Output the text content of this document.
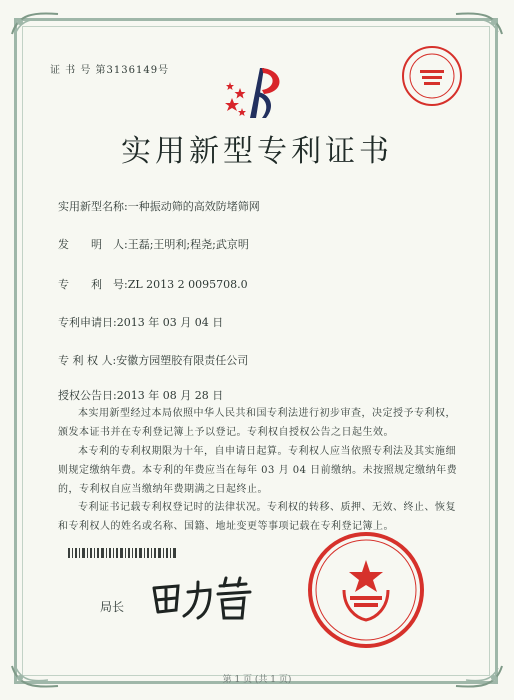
证 书 号 第3136149号
实用新型专利证书
实用新型名称:一种振动筛的高效防堵筛网
发　　明　人:王磊;王明利;程尧;武京明
专　　利　号:ZL 2013 2 0095708.0
专利申请日:2013 年 03 月 04 日
专 利 权 人:安徽方园塑胶有限责任公司
授权公告日:2013 年 08 月 28 日
本实用新型经过本局依照中华人民共和国专利法进行初步审查，决定授予专利权，颁发本证书并在专利登记簿上予以登记。专利权自授权公告之日起生效。
本专利的专利权期限为十年，自申请日起算。专利权人应当依照专利法及其实施细则规定缴纳年费。本专利的年费应当在每年 03 月 04 日前缴纳。未按照规定缴纳年费的，专利权自应当缴纳年费期满之日起终止。
专利证书记载专利权登记时的法律状况。专利权的转移、质押、无效、终止、恢复和专利权人的姓名或名称、国籍、地址变更等事项记载在专利登记簿上。
局长
第 1 页 (共 1 页)
